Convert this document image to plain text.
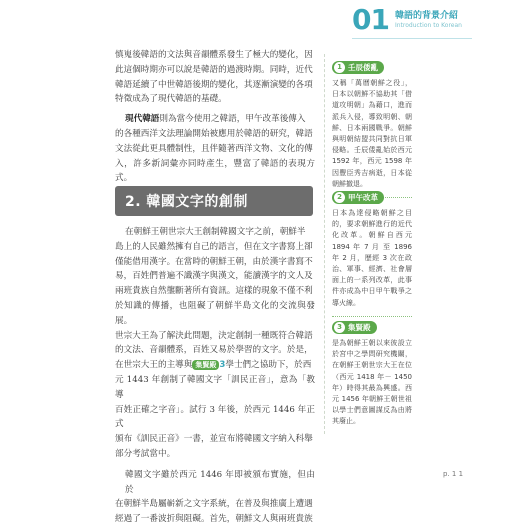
01 韓語的背景介紹
Introduction to Korean
慎嵬後韓語的文法與音韻體系發生了極大的變化，因
此這個時期亦可以說是韓語的過渡時期。同時，近代
韓語延續了中世韓語後期的變化，其逐漸演變的各項
特徵成為了現代韓語的基礎。
現代韓語則為當今使用之韓語，甲午改革後傳入
的各種西洋文法理論開始被應用於韓語的研究，韓語
文法從此更具體制性，且伴隨著西洋文物、文化的傳
入，許多新詞彙亦同時產生，豐富了韓語的表現方式。
2. 韓國文字的創制
在朝鮮王朝世宗大王創制韓國文字之前，朝鮮半
島上的人民雖然擁有自己的語言，但在文字書寫上卻
僅能借用漢字。在當時的朝鮮王朝，由於漢字書寫不
易，百姓們普遍不識漢字與漢文，能讀漢字的文人及
兩班貴族自然壟斷著所有資訊。這樣的現象不僅不利
於知識的傳播，也阻礙了朝鮮半島文化的交流與發展。
世宗大王為了解決此問題，決定創制一種既符合韓語
的文法、音韻體系，百姓又易於學習的文字。於是，
在世宗大王的主導與 集賢殿 3學士們之協助下，於西
元 1443 年創制了韓國文字「訓民正音」，意為「教導
百姓正確之字音」。試行 3 年後，於西元 1446 年正式
頒布《訓民正音》一書，並宣布將韓國文字納入科舉
部分考試當中。
韓國文字雖於西元 1446 年即被頒布實施，但由於
在朝鮮半島屬嶄新之文字系統，在普及與推廣上遭遇
經過了一番波折與阻礙。首先，朝鮮文人與兩班貴族
1 壬辰倭亂
又稱「萬曆朝鮮之役」，日本以朝鮮不協助其「借道攻明朝」為藉口，進而派兵入侵，導致明朝、朝鮮、日本兩國戰爭。朝鮮與明朝結盟共同對抗日軍侵略。壬辰倭亂始於西元 1592 年，西元 1598 年因豐臣秀吉病逝，日本從朝鮮撤退。
2 甲午改革
日本為達侵略朝鮮之目的，要求朝鮮進行的近代化改革。朝鮮自西元 1894 年 7 月 至 1896 年 2 月，歷經 3 次在政治、軍事、經濟、社會層面上的一系列改革，此事件亦成為中日甲午戰爭之導火線。
3 集賢殿
是為朝鮮王朝以來彼設立於宮中之學問研究機關，在朝鮮王朝世宗大王在位（西元 1418 年－ 1450 年）時得其最為興盛。西元 1456 年朝鮮王朝世祖以學士們意圖謀反為由將其廢止。
p. 1 1
